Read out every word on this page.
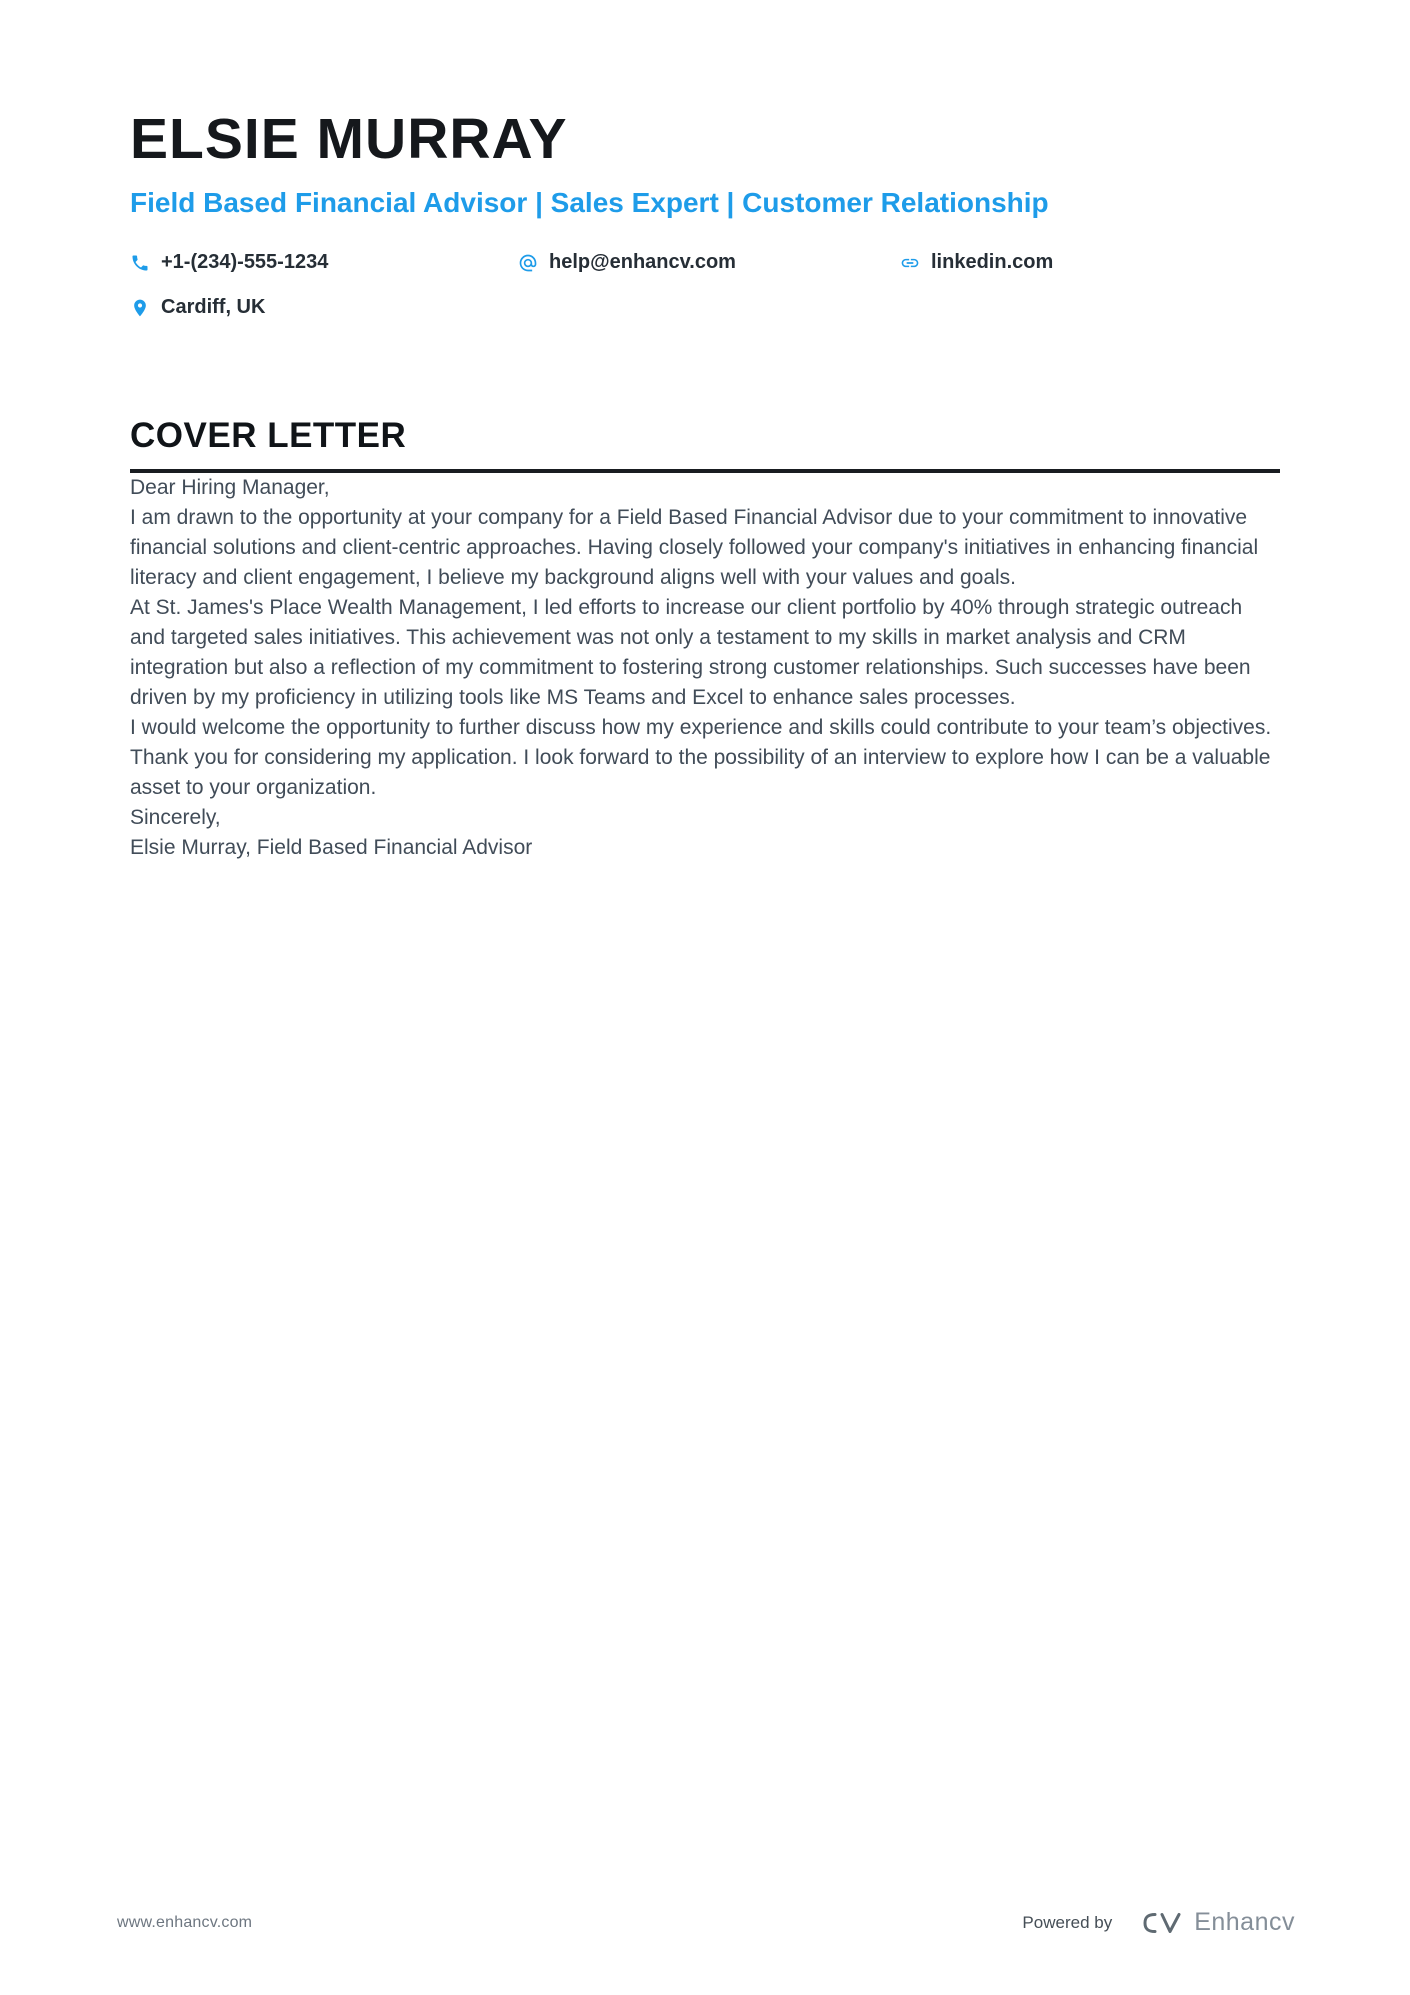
ELSIE MURRAY
Field Based Financial Advisor | Sales Expert | Customer Relationship
+1-(234)-555-1234	help@enhancv.com	linkedin.com
Cardiff, UK
COVER LETTER

Dear Hiring Manager,

I am drawn to the opportunity at your company for a Field Based Financial Advisor due to your commitment to innovative financial solutions and client-centric approaches. Having closely followed your company's initiatives in enhancing financial literacy and client engagement, I believe my background aligns well with your values and goals.

At St. James's Place Wealth Management, I led efforts to increase our client portfolio by 40% through strategic outreach and targeted sales initiatives. This achievement was not only a testament to my skills in market analysis and CRM integration but also a reflection of my commitment to fostering strong customer relationships. Such successes have been driven by my proficiency in utilizing tools like MS Teams and Excel to enhance sales processes.

I would welcome the opportunity to further discuss how my experience and skills could contribute to your team’s objectives. Thank you for considering my application. I look forward to the possibility of an interview to explore how I can be a valuable asset to your organization.

Sincerely,

Elsie Murray, Field Based Financial Advisor

www.enhancv.com	Powered by	Enhancv
